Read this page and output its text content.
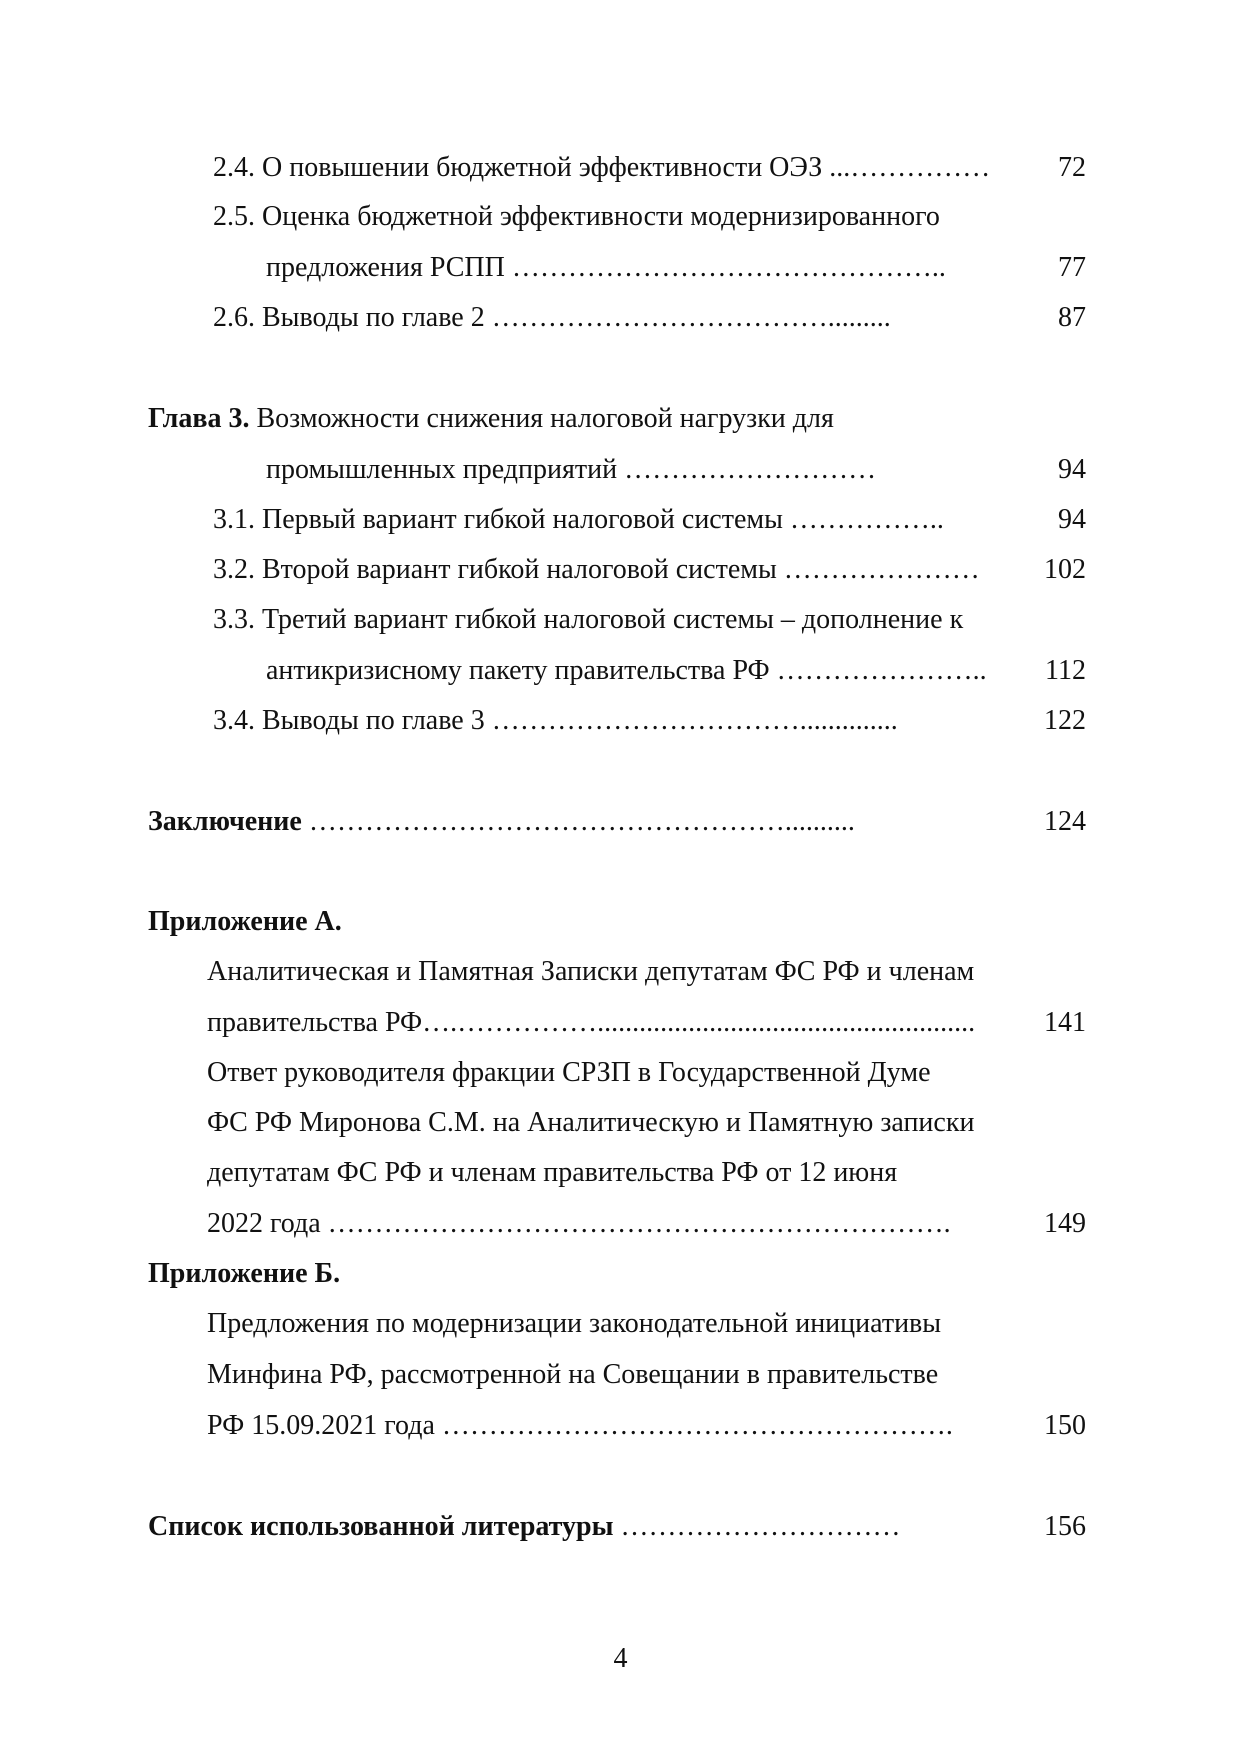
2.4. О повышении бюджетной эффективности ОЭЗ ...…………… 72
2.5. Оценка бюджетной эффективности модернизированного
предложения РСПП ………………………………………..	77
2.6. Выводы по главе 2 ……………………………….........	87
Глава 3. Возможности снижения налоговой нагрузки для
промышленных предприятий ………………………	94
3.1. Первый вариант гибкой налоговой системы ……………..	94
3.2. Второй вариант гибкой налоговой системы ………………… 102
3.3. Третий вариант гибкой налоговой системы – дополнение к
антикризисному пакету правительства РФ ………………….. 112
3.4. Выводы по главе 3 ……………………………..............	122
Заключение ……………………………………………..........	124
Приложение А.
Аналитическая и Памятная Записки депутатам ФС РФ и членам
правительства РФ….……………...................................................... 141
Ответ руководителя фракции СРЗП в Государственной Думе
ФС РФ Миронова С.М. на Аналитическую и Памятную записки
депутатам ФС РФ и членам правительства РФ от 12 июня
2022 года ………………………………………………………….	149
Приложение Б.
Предложения по модернизации законодательной инициативы
Минфина РФ, рассмотренной на Совещании в правительстве
РФ 15.09.2021 года ……………………………………………….	150
Список использованной литературы …………………………	156
4
